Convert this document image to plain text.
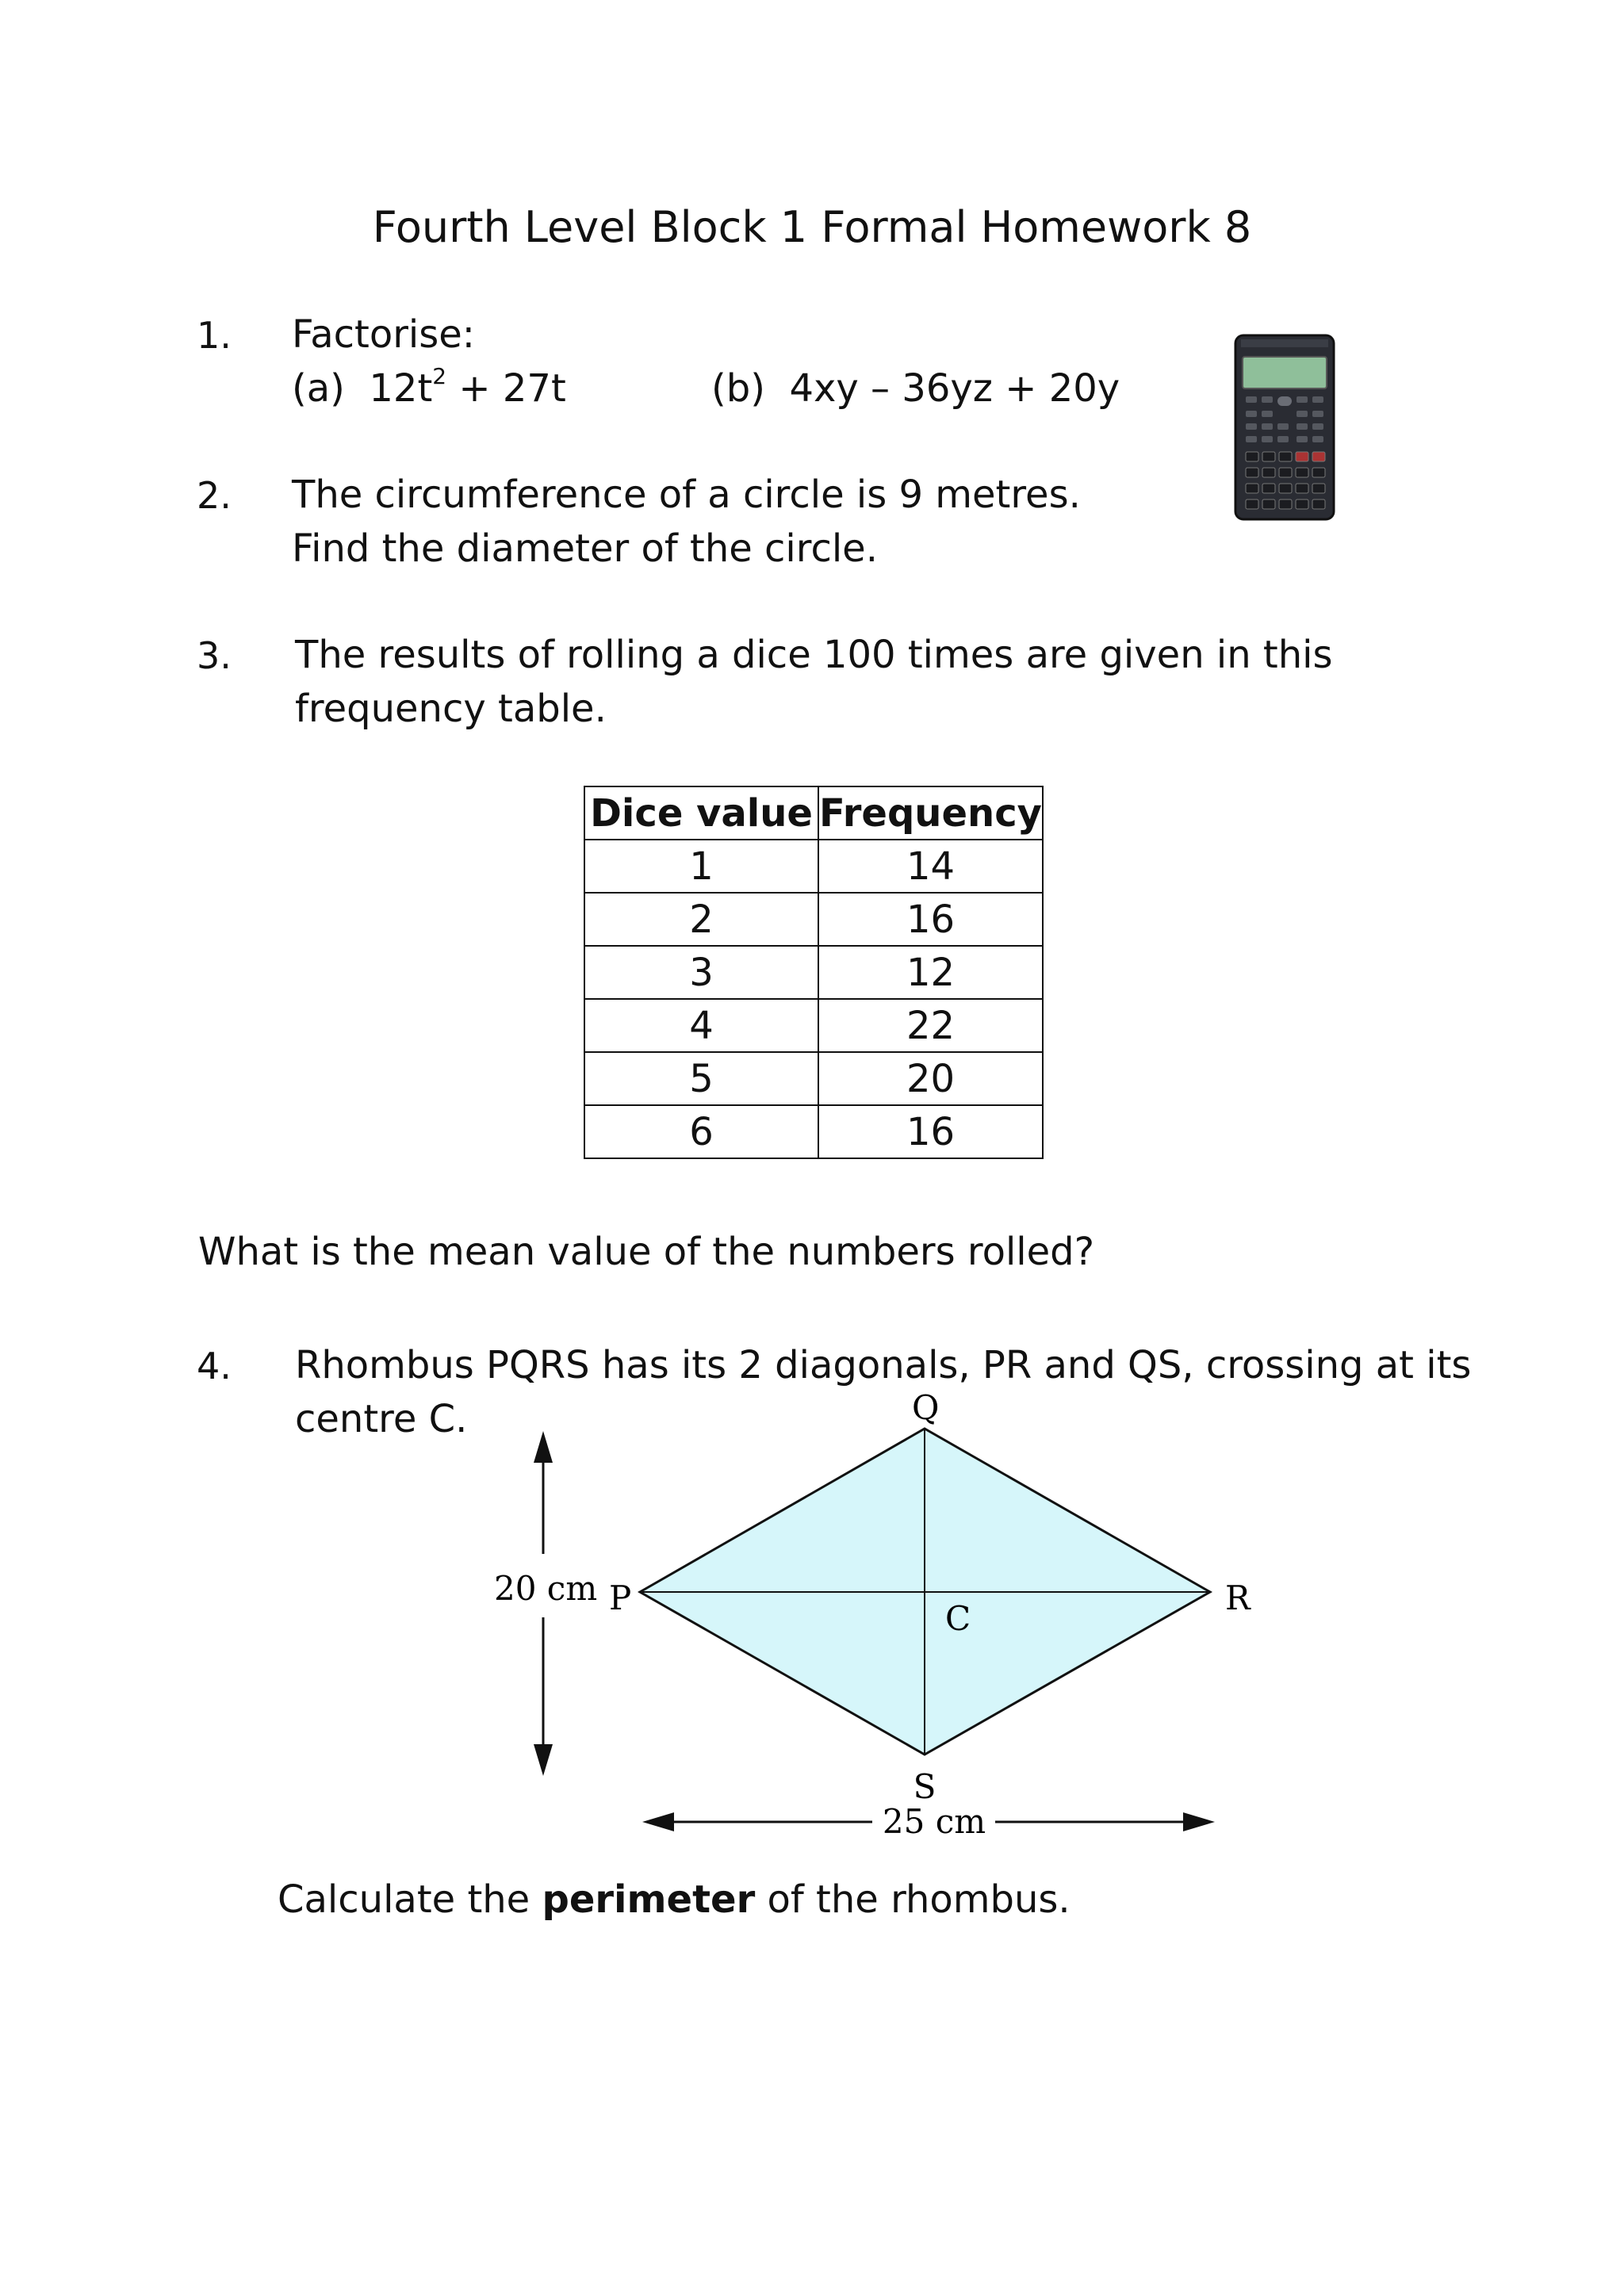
Fourth Level Block 1 Formal Homework 8
1. Factorise:
(a) $12t^2 + 27t$	(b) 4xy – 36yz + 20y
2. The circumference of a circle is 9 metres.
Find the diameter of the circle.
3. The results of rolling a dice 100 times are given in this
frequency table.
Dice value	Frequency
1	14
2	16
3	12
4	22
5	20
6	16
What is the mean value of the numbers rolled?
4. Rhombus PQRS has its 2 diagonals, PR and QS, crossing at its
centre C.	Q
P	R
S
C
20 cm
25 cm
Calculate the perimeter of the rhombus.
